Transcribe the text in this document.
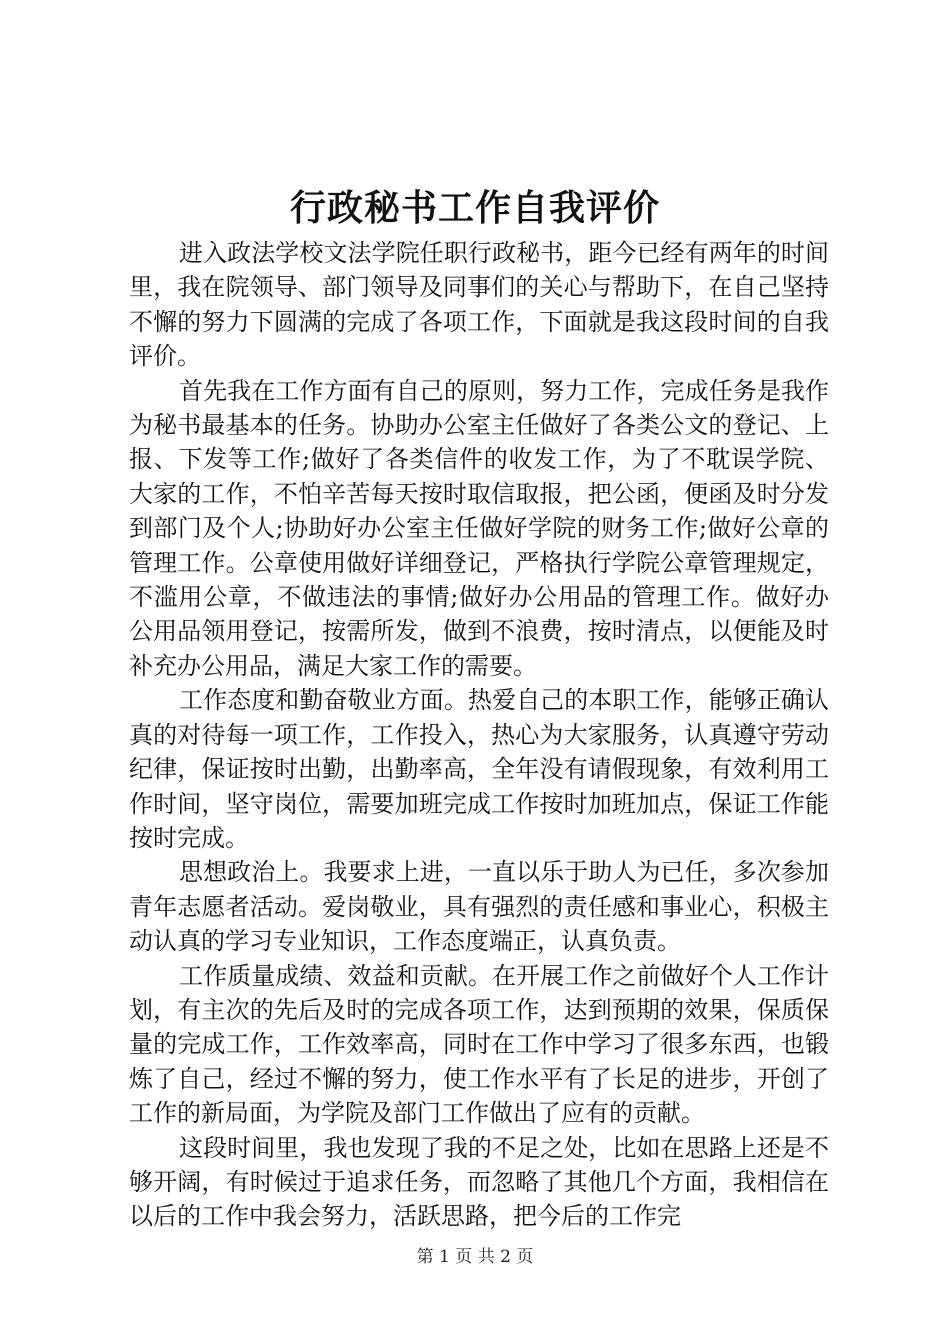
行政秘书工作自我评价

进入政法学校文法学院任职行政秘书，距今已经有两年的时间里，我在院领导、部门领导及同事们的关心与帮助下，在自己坚持不懈的努力下圆满的完成了各项工作，下面就是我这段时间的自我评价。

首先我在工作方面有自己的原则，努力工作，完成任务是我作为秘书最基本的任务。协助办公室主任做好了各类公文的登记、上报、下发等工作;做好了各类信件的收发工作，为了不耽误学院、大家的工作，不怕辛苦每天按时取信取报，把公函，便函及时分发到部门及个人;协助好办公室主任做好学院的财务工作;做好公章的管理工作。公章使用做好详细登记，严格执行学院公章管理规定，不滥用公章，不做违法的事情;做好办公用品的管理工作。做好办公用品领用登记，按需所发，做到不浪费，按时清点，以便能及时补充办公用品，满足大家工作的需要。

工作态度和勤奋敬业方面。热爱自己的本职工作，能够正确认真的对待每一项工作，工作投入，热心为大家服务，认真遵守劳动纪律，保证按时出勤，出勤率高，全年没有请假现象，有效利用工作时间，坚守岗位，需要加班完成工作按时加班加点，保证工作能按时完成。

思想政治上。我要求上进，一直以乐于助人为已任，多次参加青年志愿者活动。爱岗敬业，具有强烈的责任感和事业心，积极主动认真的学习专业知识，工作态度端正，认真负责。

工作质量成绩、效益和贡献。在开展工作之前做好个人工作计划，有主次的先后及时的完成各项工作，达到预期的效果，保质保量的完成工作，工作效率高，同时在工作中学习了很多东西，也锻炼了自己，经过不懈的努力，使工作水平有了长足的进步，开创了工作的新局面，为学院及部门工作做出了应有的贡献。

这段时间里，我也发现了我的不足之处，比如在思路上还是不够开阔，有时候过于追求任务，而忽略了其他几个方面，我相信在以后的工作中我会努力，活跃思路，把今后的工作完

第 1 页 共 2 页
